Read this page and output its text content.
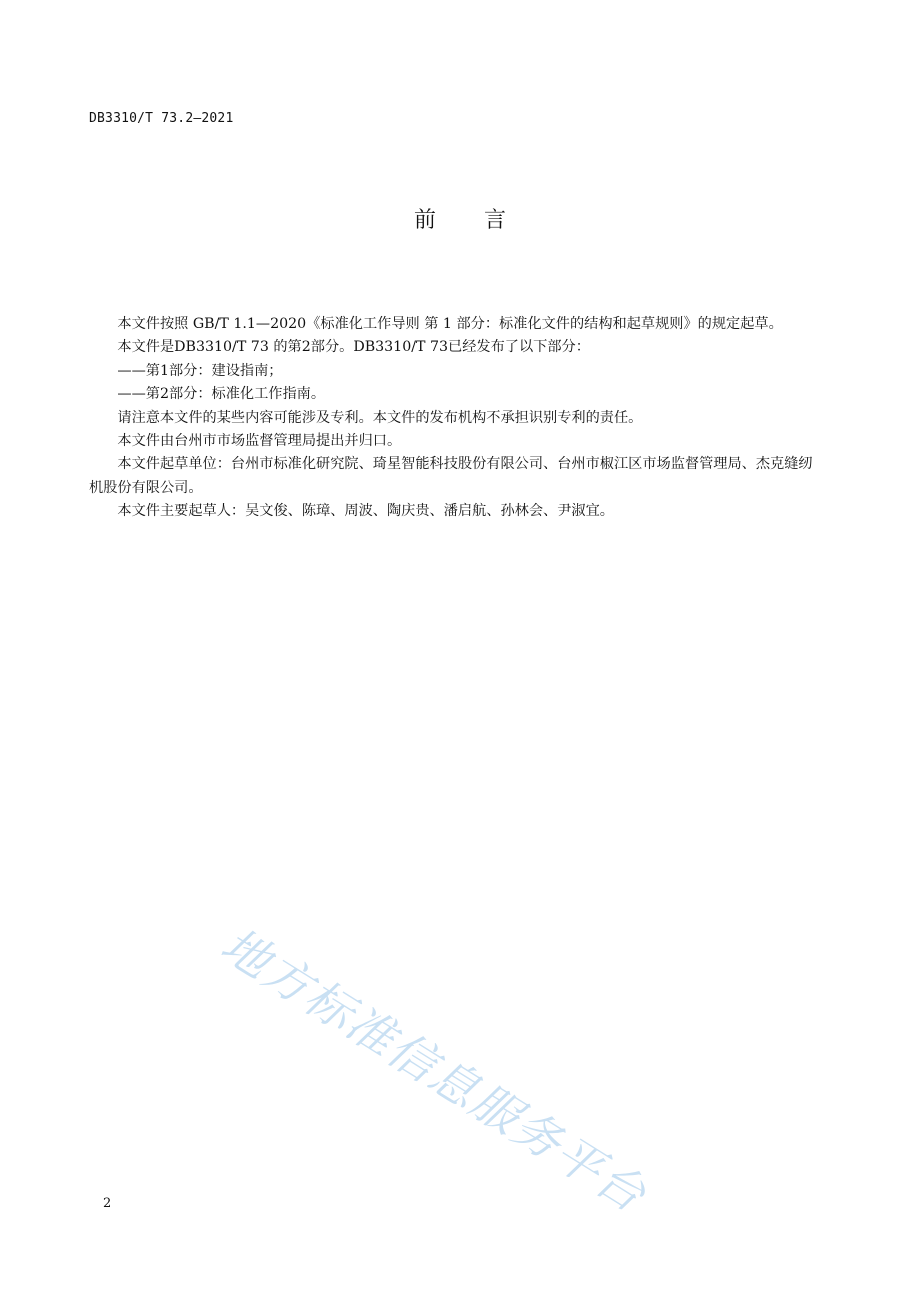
DB3310/T 73.2—2021
前言

本文件按照 GB/T 1.1—2020《标准化工作导则 第 1 部分：标准化文件的结构和起草规则》的规定起草。

本文件是DB3310/T 73 的第2部分。DB3310/T 73已经发布了以下部分：

——第1部分：建设指南；

——第2部分：标准化工作指南。

请注意本文件的某些内容可能涉及专利。本文件的发布机构不承担识别专利的责任。

本文件由台州市市场监督管理局提出并归口。

本文件起草单位：台州市标准化研究院、琦星智能科技股份有限公司、台州市椒江区市场监督管理局、杰克缝纫机股份有限公司。

本文件主要起草人：吴文俊、陈璋、周波、陶庆贵、潘启航、孙林会、尹淑宜。

地方标准信息服务平台
2
